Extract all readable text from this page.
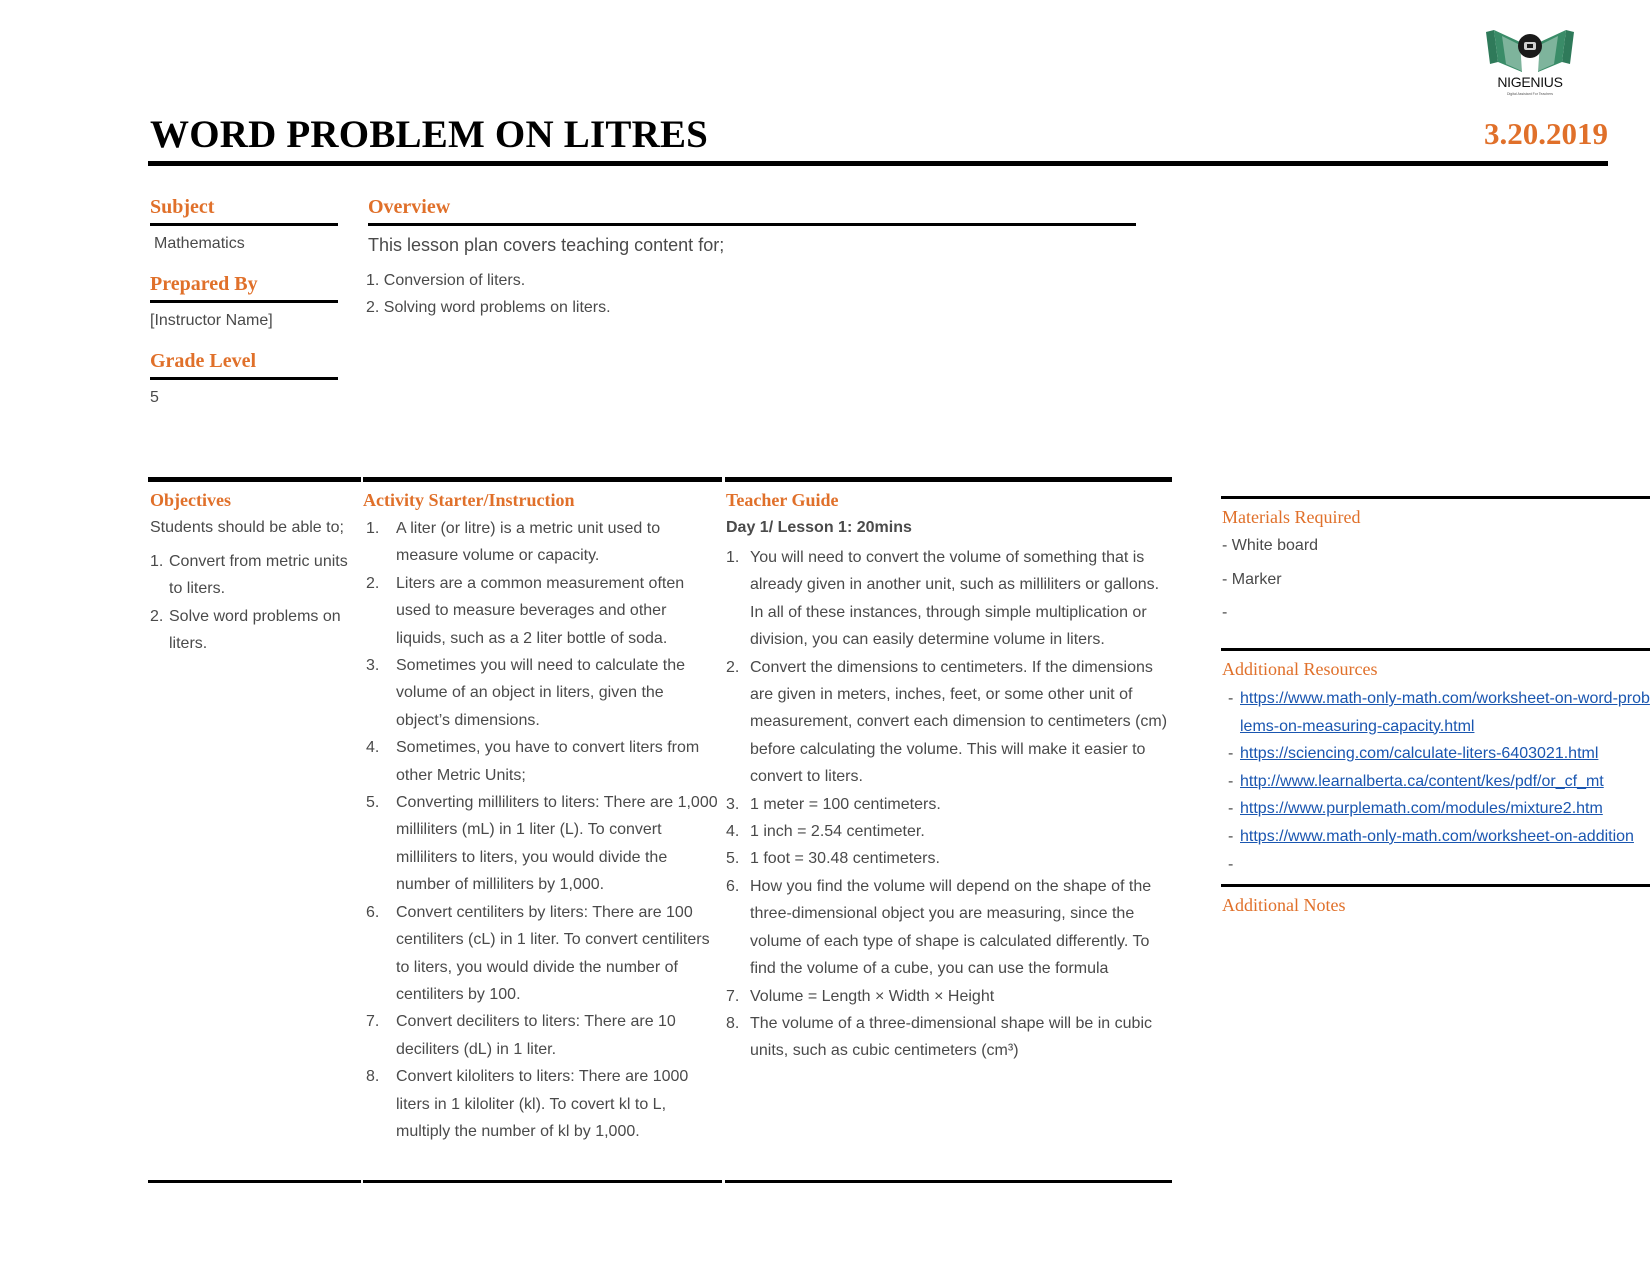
NIGENIUS
Digital Assistant For Teachers
WORD PROBLEM ON LITRES	3.20.2019
Subject
Mathematics
Prepared By
[Instructor Name]
Grade Level
5
Overview
This lesson plan covers teaching content for;
1. Conversion of liters.
2. Solving word problems on liters.
Objectives
Students should be able to;
1. Convert from metric units to liters.
2. Solve word problems on liters.
Activity Starter/Instruction
1. A liter (or litre) is a metric unit used to measure volume or capacity.
2. Liters are a common measurement often used to measure beverages and other liquids, such as a 2 liter bottle of soda.
3. Sometimes you will need to calculate the volume of an object in liters, given the object’s dimensions.
4. Sometimes, you have to convert liters from other Metric Units;
5. Converting milliliters to liters: There are 1,000 milliliters (mL) in 1 liter (L). To convert milliliters to liters, you would divide the number of milliliters by 1,000.
6. Convert centiliters by liters: There are 100 centiliters (cL) in 1 liter. To convert centiliters to liters, you would divide the number of centiliters by 100.
7. Convert deciliters to liters: There are 10 deciliters (dL) in 1 liter.
8. Convert kiloliters to liters: There are 1000 liters in 1 kiloliter (kl). To covert kl to L, multiply the number of kl by 1,000.
Teacher Guide
Day 1/ Lesson 1: 20mins
1. You will need to convert the volume of something that is already given in another unit, such as milliliters or gallons. In all of these instances, through simple multiplication or division, you can easily determine volume in liters.
2. Convert the dimensions to centimeters. If the dimensions are given in meters, inches, feet, or some other unit of measurement, convert each dimension to centimeters (cm) before calculating the volume. This will make it easier to convert to liters.
3. 1 meter = 100 centimeters.
4. 1 inch = 2.54 centimeter.
5. 1 foot = 30.48 centimeters.
6. How you find the volume will depend on the shape of the three-dimensional object you are measuring, since the volume of each type of shape is calculated differently. To find the volume of a cube, you can use the formula
7. Volume = Length × Width × Height
8. The volume of a three-dimensional shape will be in cubic units, such as cubic centimeters (cm³)
Materials Required
- White board
- Marker
-
Additional Resources
- https://www.math-only-math.com/worksheet-on-word-problems-on-measuring-capacity.html
- https://sciencing.com/calculate-liters-6403021.html
- http://www.learnalberta.ca/content/kes/pdf/or_cf_mt
- https://www.purplemath.com/modules/mixture2.htm
- https://www.math-only-math.com/worksheet-on-addition
-
Additional Notes
